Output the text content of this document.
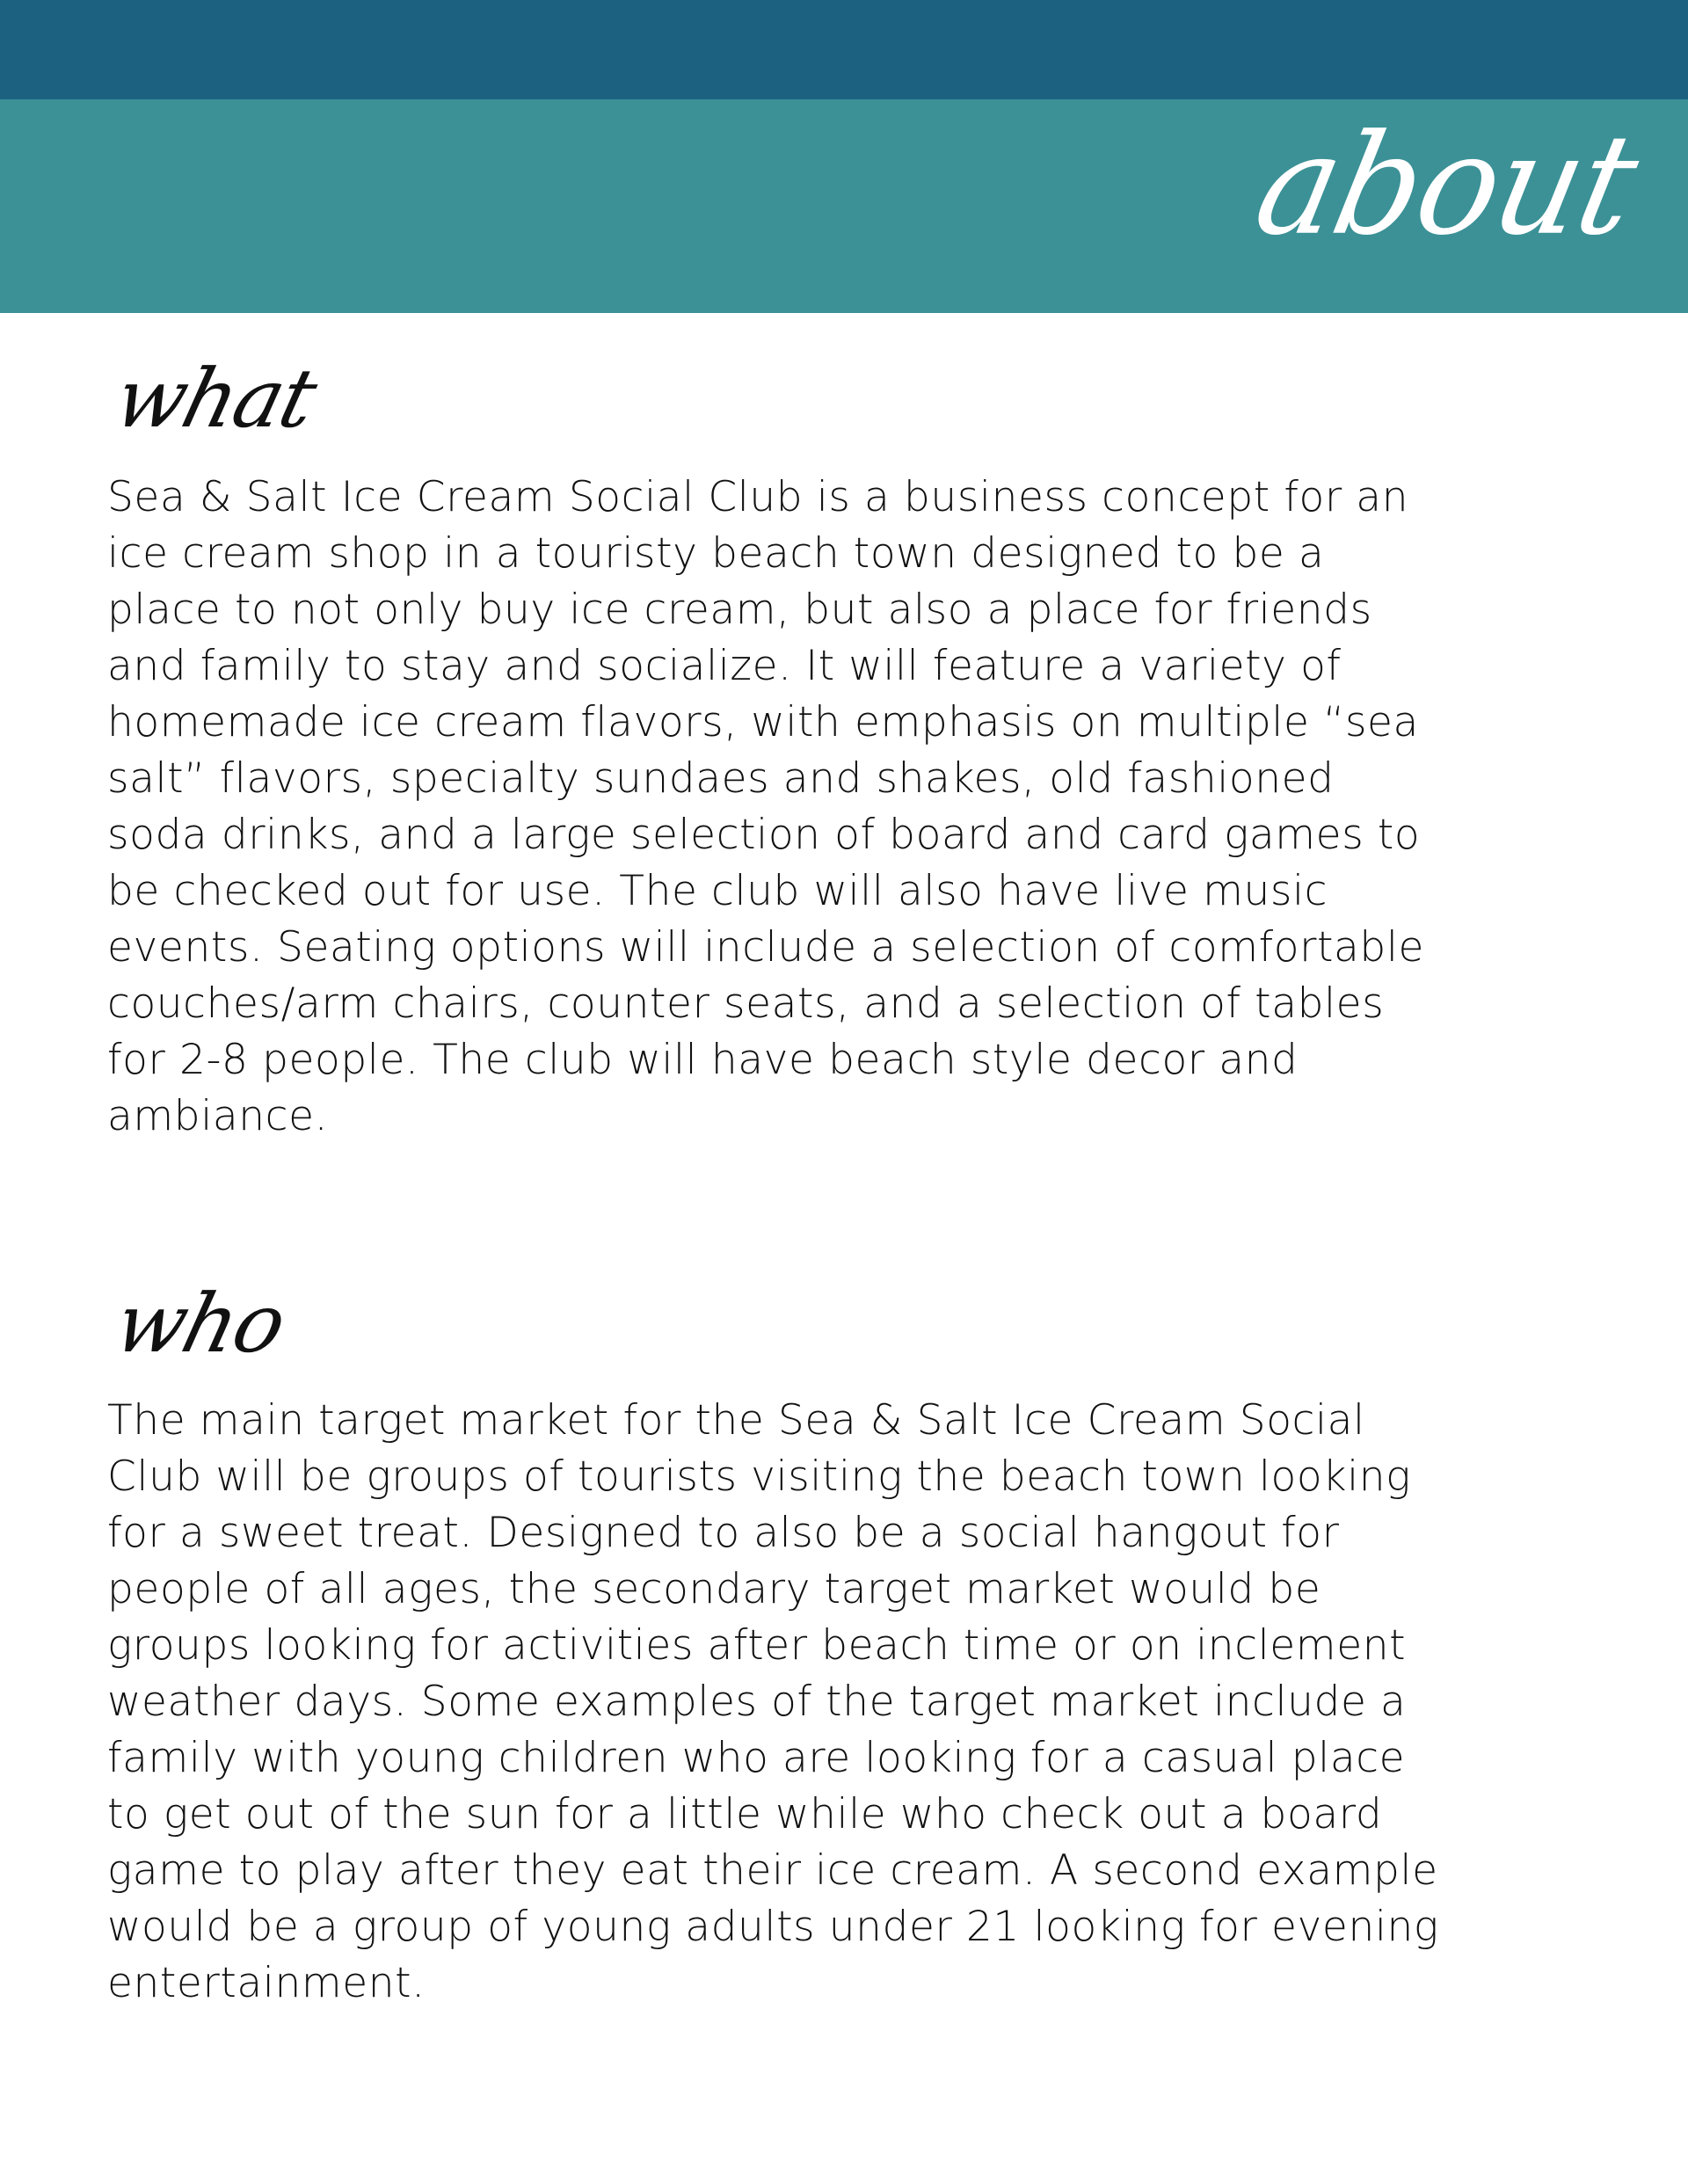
about
what

Sea & Salt Ice Cream Social Club is a business concept for an
ice cream shop in a touristy beach town designed to be a
place to not only buy ice cream, but also a place for friends
and family to stay and socialize. It will feature a variety of
homemade ice cream flavors, with emphasis on multiple “sea
salt” flavors, specialty sundaes and shakes, old fashioned
soda drinks, and a large selection of board and card games to
be checked out for use. The club will also have live music
events. Seating options will include a selection of comfortable
couches/arm chairs, counter seats, and a selection of tables
for 2-8 people. The club will have beach style decor and
ambiance.

who

The main target market for the Sea & Salt Ice Cream Social
Club will be groups of tourists visiting the beach town looking
for a sweet treat. Designed to also be a social hangout for
people of all ages, the secondary target market would be
groups looking for activities after beach time or on inclement
weather days. Some examples of the target market include a
family with young children who are looking for a casual place
to get out of the sun for a little while who check out a board
game to play after they eat their ice cream. A second example
would be a group of young adults under 21 looking for evening
entertainment.
